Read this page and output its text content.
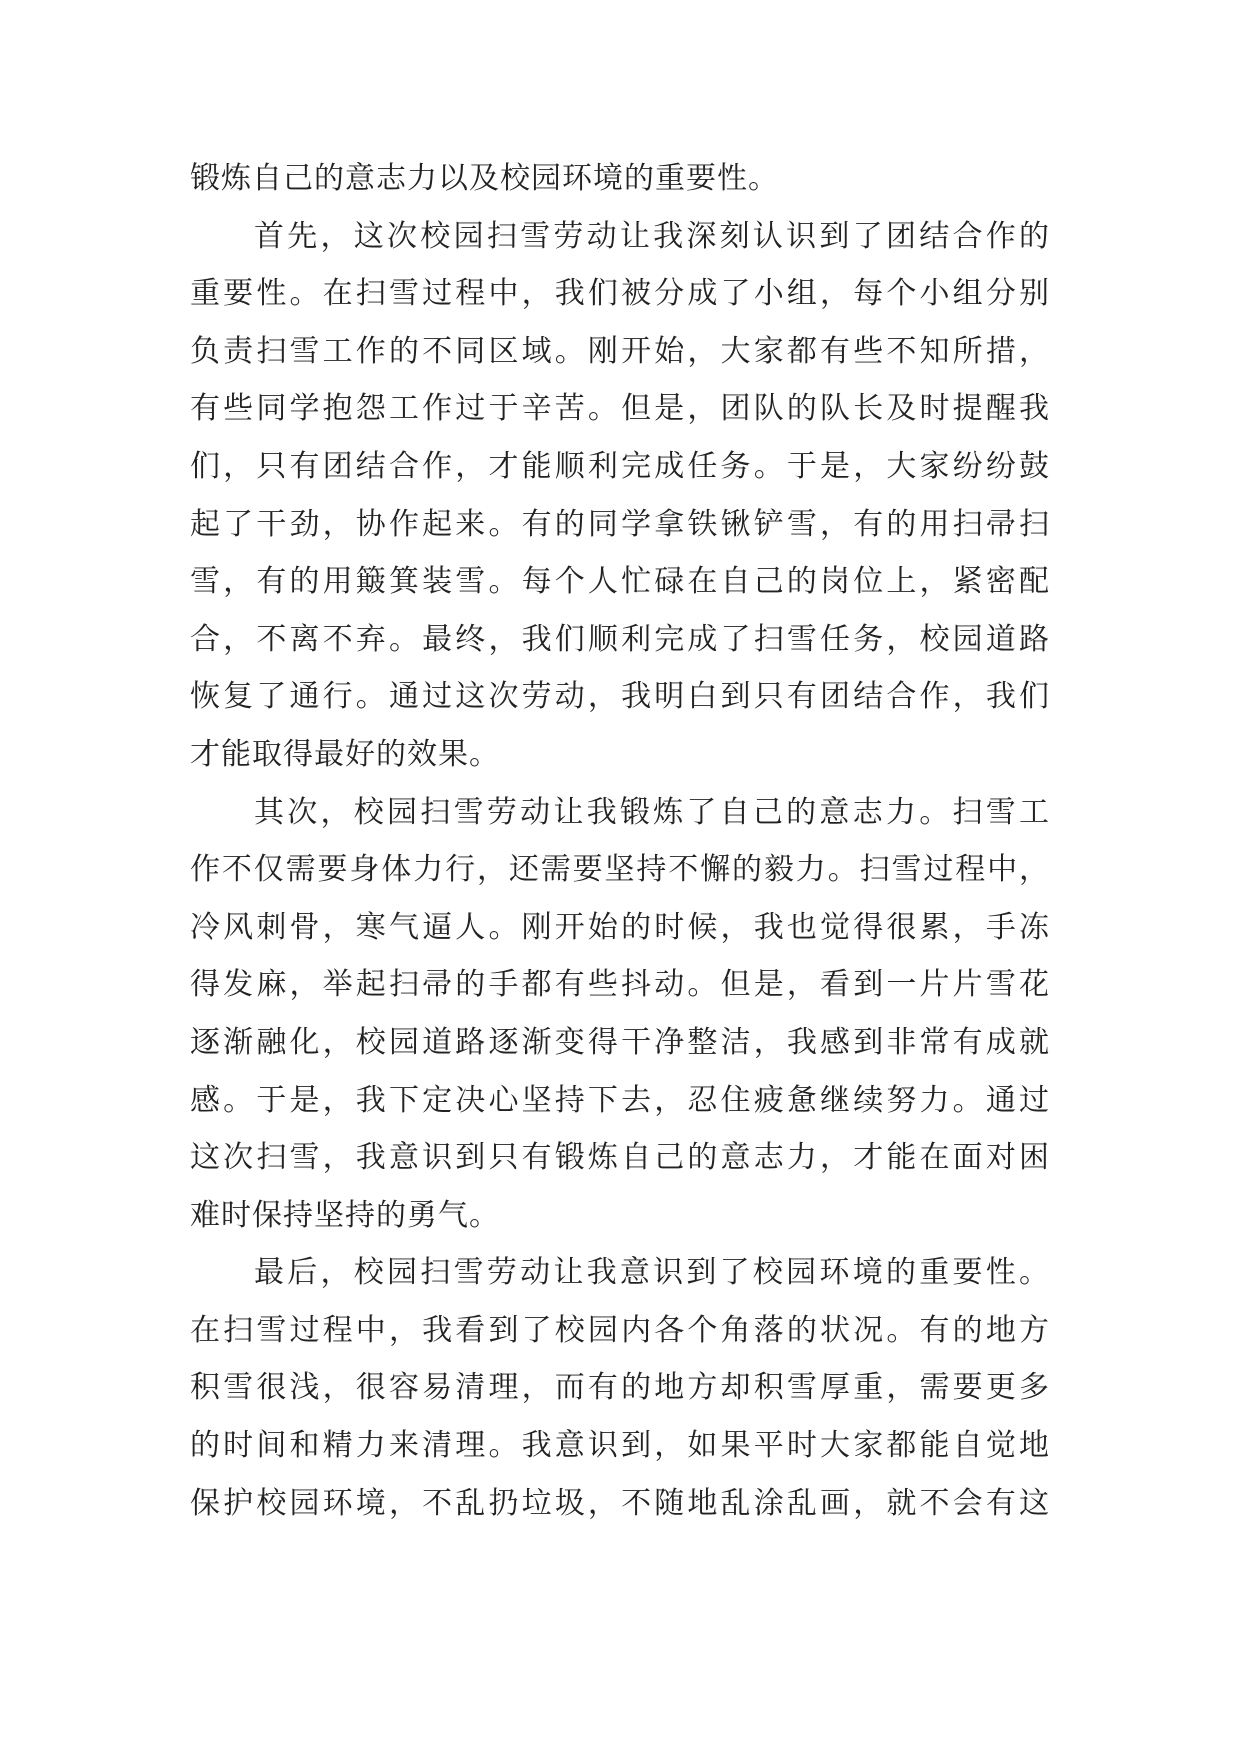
锻炼自己的意志力以及校园环境的重要性。
首先，这次校园扫雪劳动让我深刻认识到了团结合作的
重要性。在扫雪过程中，我们被分成了小组，每个小组分别
负责扫雪工作的不同区域。刚开始，大家都有些不知所措，
有些同学抱怨工作过于辛苦。但是，团队的队长及时提醒我
们，只有团结合作，才能顺利完成任务。于是，大家纷纷鼓
起了干劲，协作起来。有的同学拿铁锹铲雪，有的用扫帚扫
雪，有的用簸箕装雪。每个人忙碌在自己的岗位上，紧密配
合，不离不弃。最终，我们顺利完成了扫雪任务，校园道路
恢复了通行。通过这次劳动，我明白到只有团结合作，我们
才能取得最好的效果。
其次，校园扫雪劳动让我锻炼了自己的意志力。扫雪工
作不仅需要身体力行，还需要坚持不懈的毅力。扫雪过程中，
冷风刺骨，寒气逼人。刚开始的时候，我也觉得很累，手冻
得发麻，举起扫帚的手都有些抖动。但是，看到一片片雪花
逐渐融化，校园道路逐渐变得干净整洁，我感到非常有成就
感。于是，我下定决心坚持下去，忍住疲惫继续努力。通过
这次扫雪，我意识到只有锻炼自己的意志力，才能在面对困
难时保持坚持的勇气。
最后，校园扫雪劳动让我意识到了校园环境的重要性。
在扫雪过程中，我看到了校园内各个角落的状况。有的地方
积雪很浅，很容易清理，而有的地方却积雪厚重，需要更多
的时间和精力来清理。我意识到，如果平时大家都能自觉地
保护校园环境，不乱扔垃圾，不随地乱涂乱画，就不会有这
